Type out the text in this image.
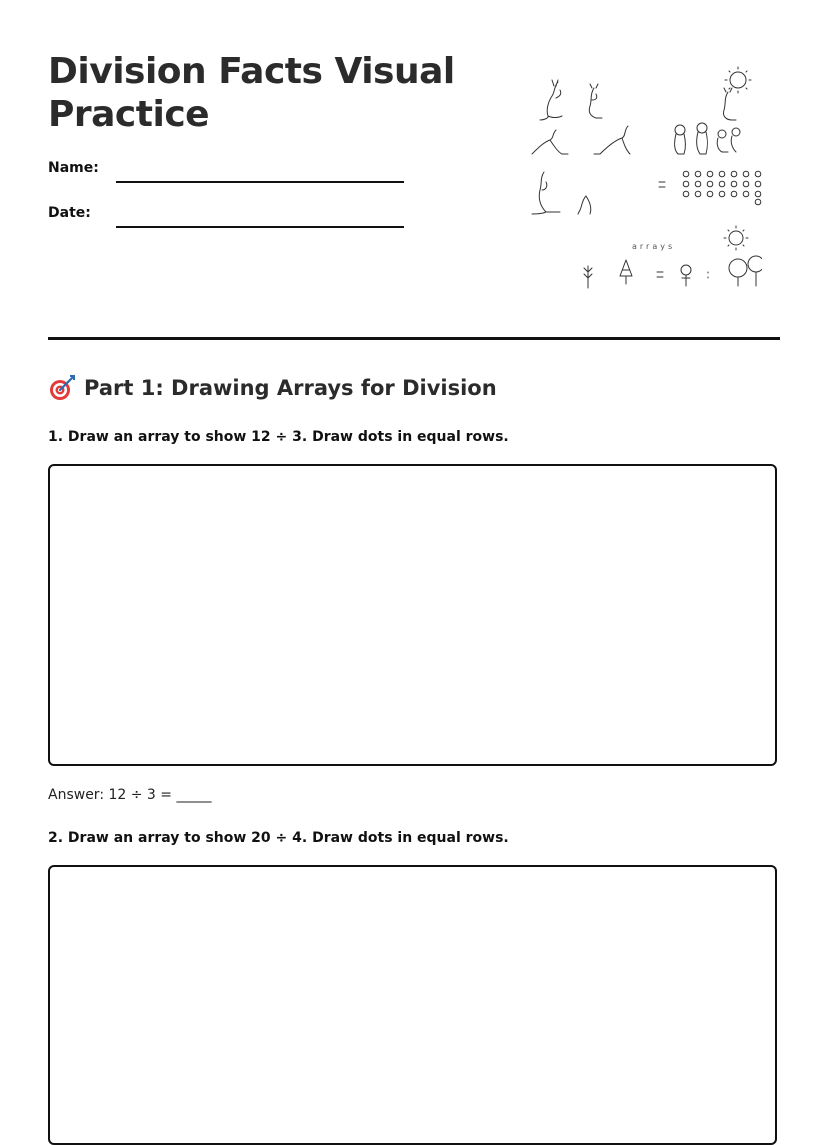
Division Facts Visual Practice
Name:
Date:
arrays
Part 1: Drawing Arrays for Division

1. Draw an array to show 12 ÷ 3. Draw dots in equal rows.

Answer: 12 ÷ 3 = _____

2. Draw an array to show 20 ÷ 4. Draw dots in equal rows.
